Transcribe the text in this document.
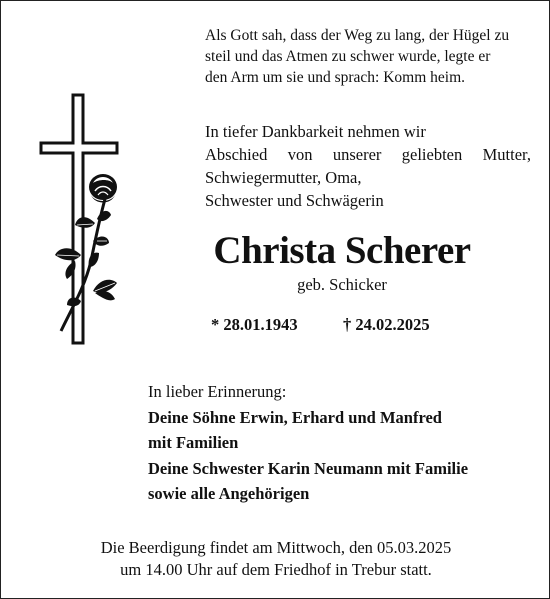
Als Gott sah, dass der Weg zu lang, der Hügel zu
steil und das Atmen zu schwer wurde, legte er
den Arm um sie und sprach: Komm heim.

In tiefer Dankbarkeit nehmen wir
Abschied von unserer geliebten Mutter,
Schwiegermutter, Oma,
Schwester und Schwägerin

Christa Scherer

geb. Schicker

* 28.01.1943	† 24.02.2025

In lieber Erinnerung:
Deine Söhne Erwin, Erhard und Manfred
mit Familien
Deine Schwester Karin Neumann mit Familie
sowie alle Angehörigen

Die Beerdigung findet am Mittwoch, den 05.03.2025
um 14.00 Uhr auf dem Friedhof in Trebur statt.
